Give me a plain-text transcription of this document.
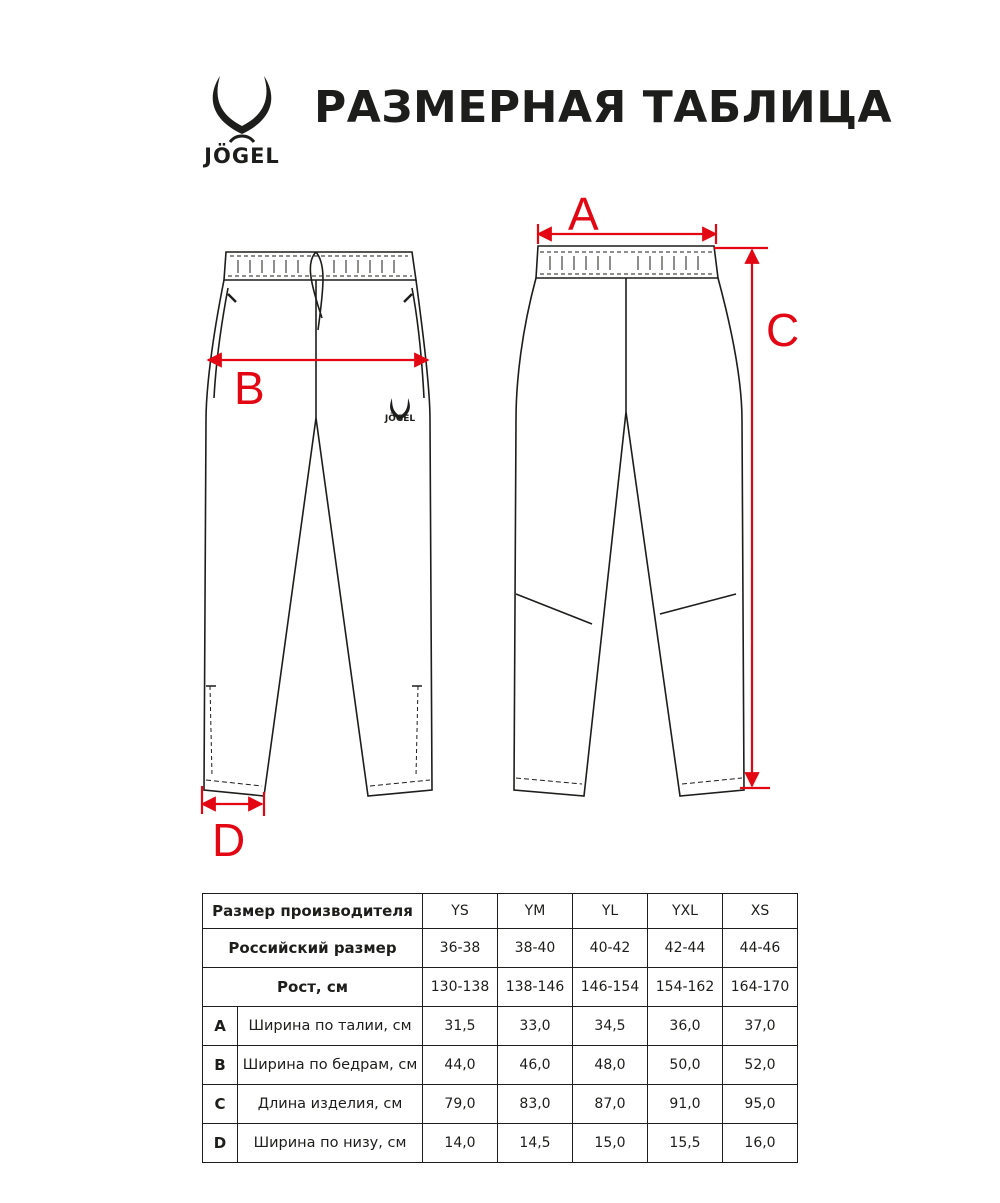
JÖGEL
РАЗМЕРНАЯ ТАБЛИЦА
A
B
C
D
JÖGEL
Размер производителя		YS	YM	YL	YXL	XS
Российский размер		36-38	38-40	40-42	42-44	44-46
Рост, см		130-138	138-146	146-154	154-162	164-170
A	Ширина по талии, см	31,5	33,0	34,5	36,0	37,0
B	Ширина по бедрам, см	44,0	46,0	48,0	50,0	52,0
C	Длина изделия, см	79,0	83,0	87,0	91,0	95,0
D	Ширина по низу, см	14,0	14,5	15,0	15,5	16,0
